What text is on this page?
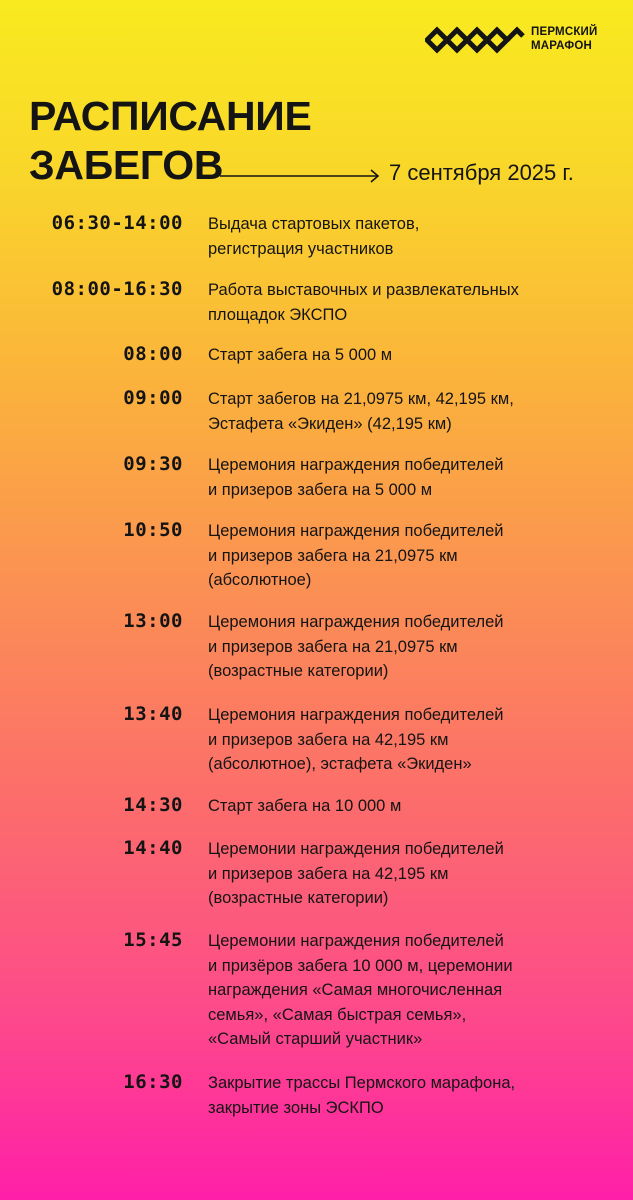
ПЕРМСКИЙ
МАРАФОН
РАСПИСАНИЕ
ЗАБЕГОВ	7 сентября 2025 г.
06:30-14:00 Выдача стартовых пакетов,
регистрация участников
08:00-16:30 Работа выставочных и развлекательных
площадок ЭКСПО
08:00 Старт забега на 5 000 м
09:00 Старт забегов на 21,0975 км, 42,195 км,
Эстафета «Экиден» (42,195 км)
09:30 Церемония награждения победителей
и призеров забега на 5 000 м
10:50 Церемония награждения победителей
и призеров забега на 21,0975 км
(абсолютное)
13:00 Церемония награждения победителей
и призеров забега на 21,0975 км
(возрастные категории)
13:40 Церемония награждения победителей
и призеров забега на 42,195 км
(абсолютное), эстафета «Экиден»
14:30 Старт забега на 10 000 м
14:40 Церемонии награждения победителей
и призеров забега на 42,195 км
(возрастные категории)
15:45 Церемонии награждения победителей
и призёров забега 10 000 м, церемонии
награждения «Самая многочисленная
семья», «Самая быстрая семья»,
«Самый старший участник»
16:30 Закрытие трассы Пермского марафона,
закрытие зоны ЭСКПО
